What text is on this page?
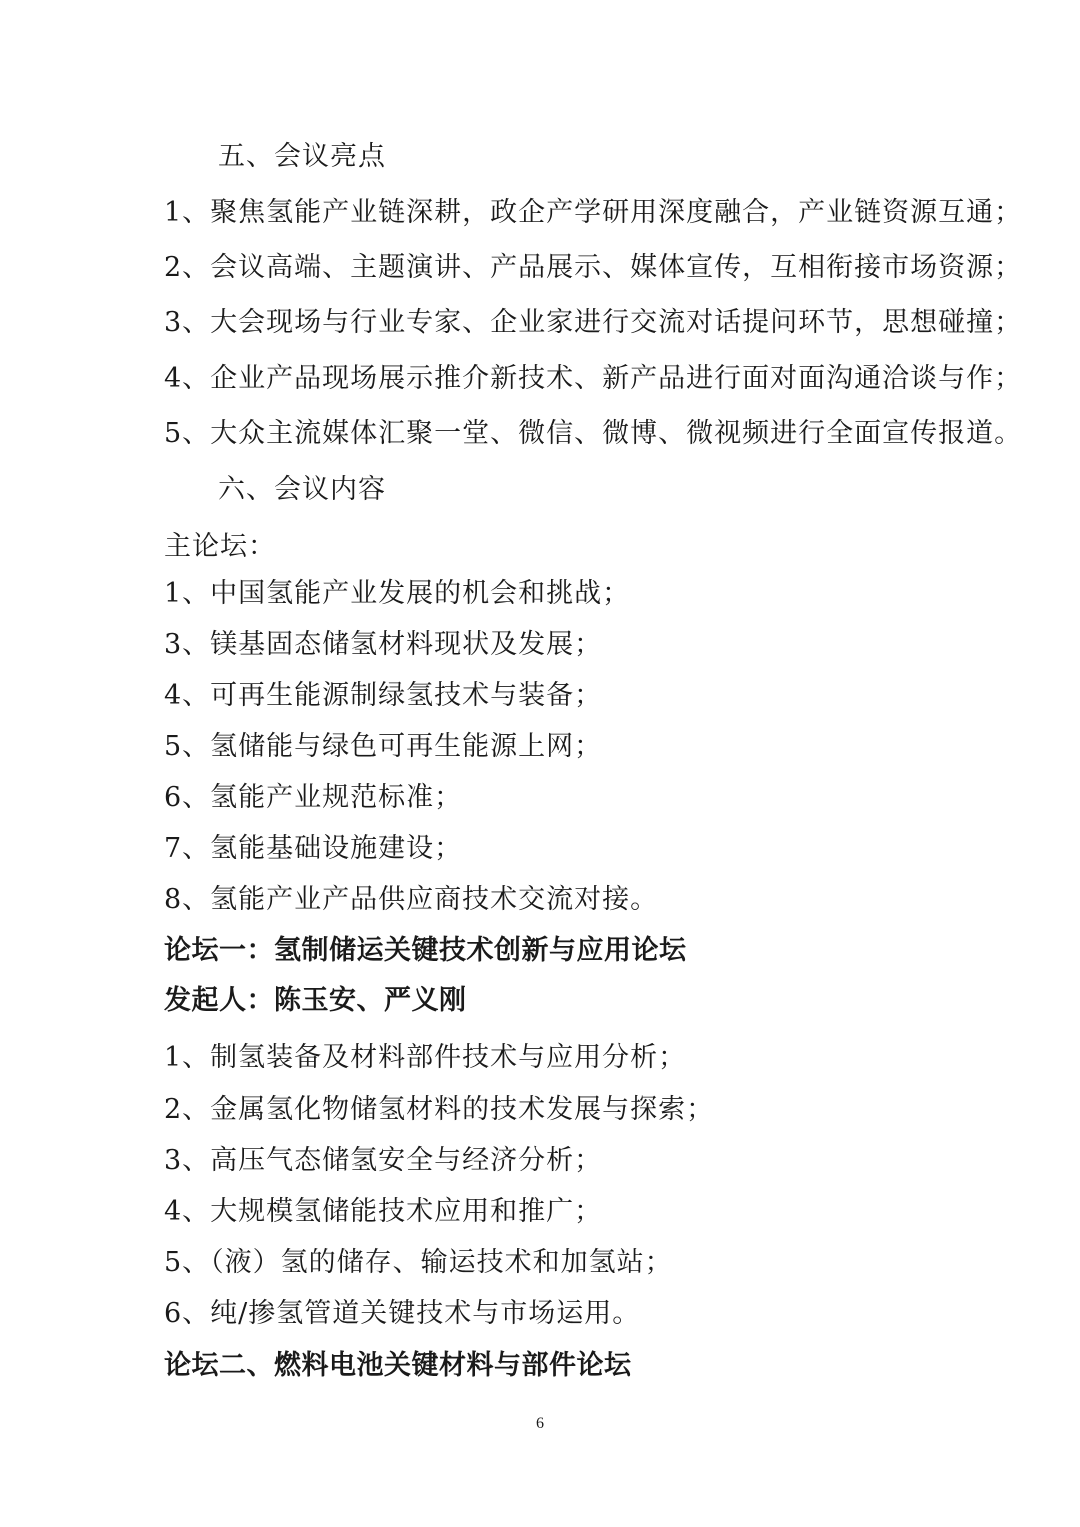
五、会议亮点
1、聚焦氢能产业链深耕，政企产学研用深度融合，产业链资源互通；
2、会议高端、主题演讲、产品展示、媒体宣传，互相衔接市场资源；
3、大会现场与行业专家、企业家进行交流对话提问环节，思想碰撞；
4、企业产品现场展示推介新技术、新产品进行面对面沟通洽谈与作；
5、大众主流媒体汇聚一堂、微信、微博、微视频进行全面宣传报道。
六、会议内容
主论坛：
1、中国氢能产业发展的机会和挑战；
3、镁基固态储氢材料现状及发展；
4、可再生能源制绿氢技术与装备；
5、氢储能与绿色可再生能源上网；
6、氢能产业规范标准；
7、氢能基础设施建设；
8、氢能产业产品供应商技术交流对接。
论坛一：氢制储运关键技术创新与应用论坛
发起人：陈玉安、严义刚
1、制氢装备及材料部件技术与应用分析；
2、金属氢化物储氢材料的技术发展与探索；
3、高压气态储氢安全与经济分析；
4、大规模氢储能技术应用和推广；
5、（液）氢的储存、输运技术和加氢站；
6、纯/掺氢管道关键技术与市场运用。
论坛二、燃料电池关键材料与部件论坛
6
